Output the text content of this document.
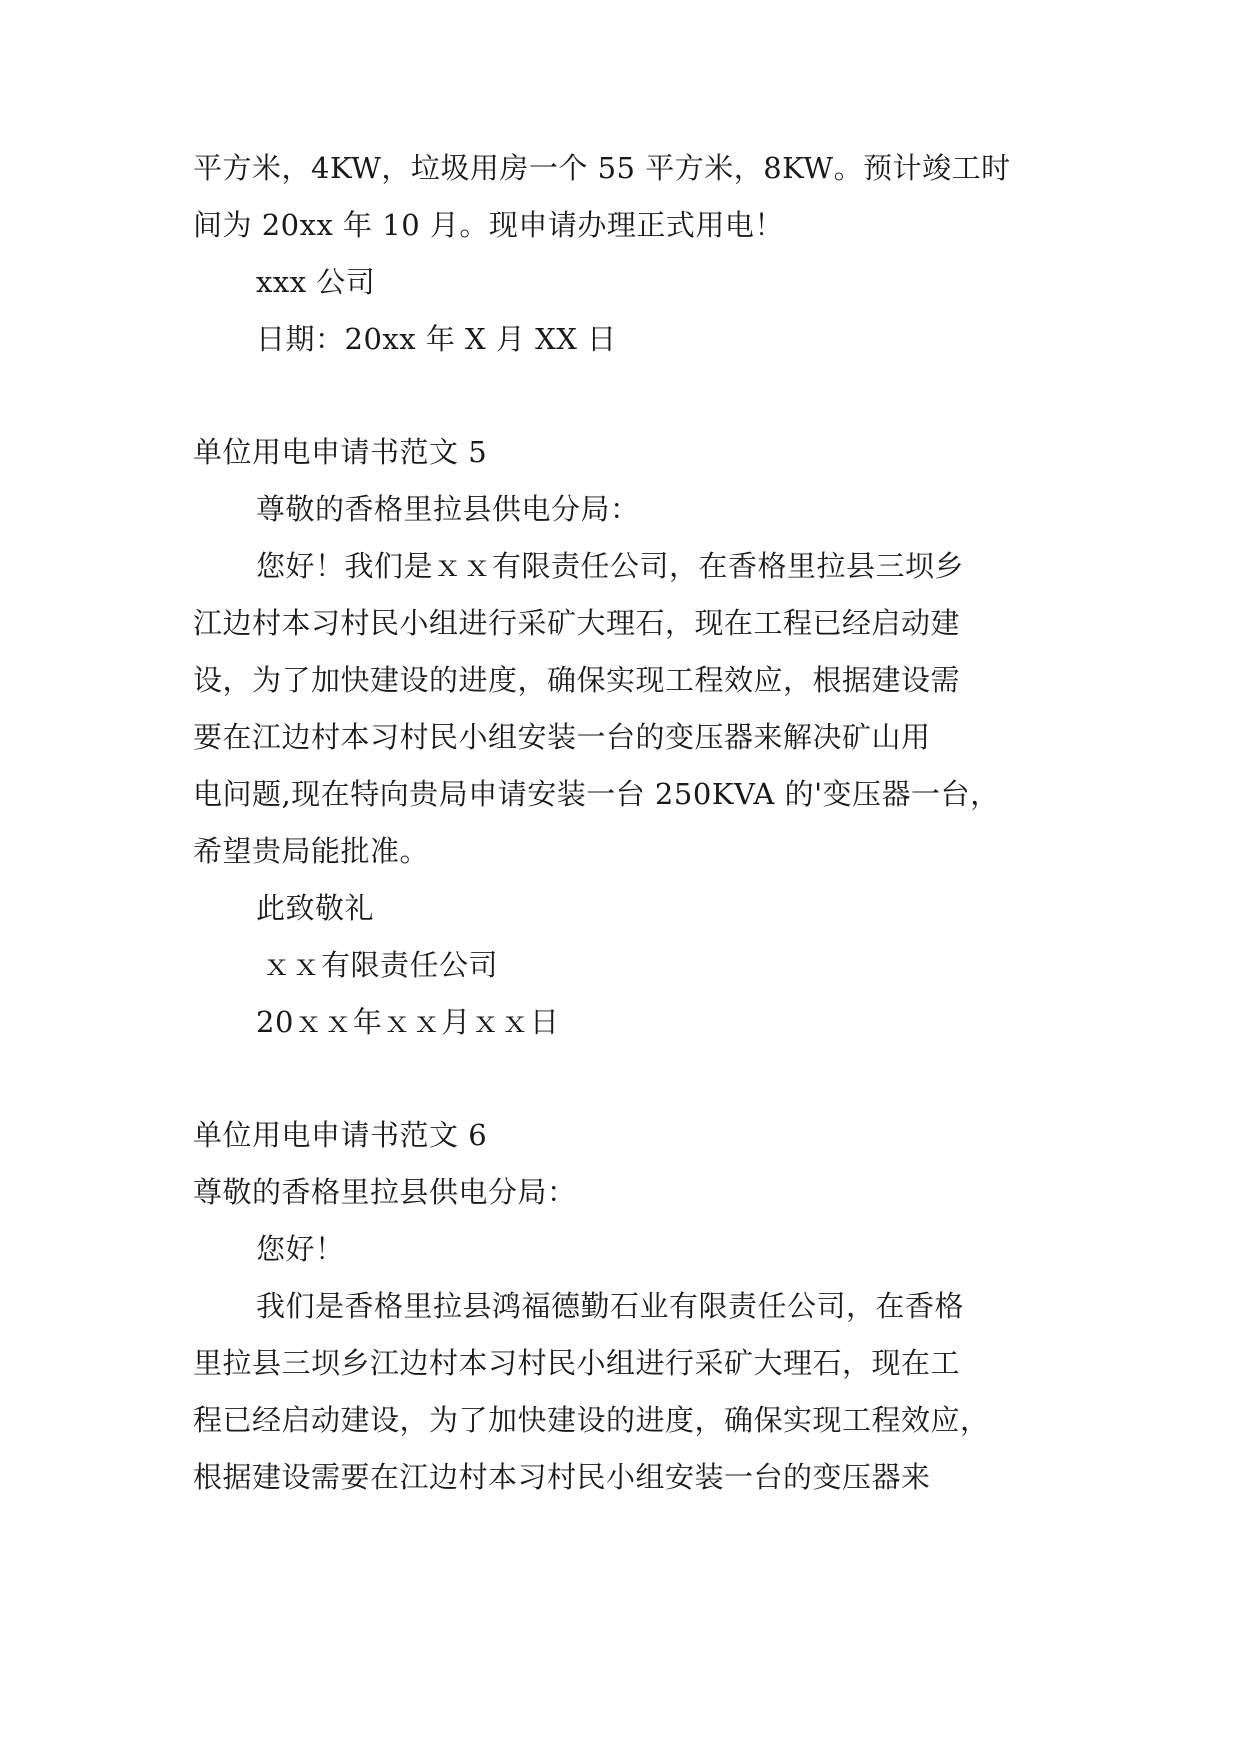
平方米，4KW，垃圾用房一个 55 平方米，8KW。预计竣工时
间为 20xx 年 10 月。现申请办理正式用电！
xxx 公司
日期：20xx 年 X 月 XX 日
单位用电申请书范文 5
尊敬的香格里拉县供电分局：
您好！我们是ｘｘ有限责任公司，在香格里拉县三坝乡
江边村本习村民小组进行采矿大理石，现在工程已经启动建
设，为了加快建设的进度，确保实现工程效应，根据建设需
要在江边村本习村民小组安装一台的变压器来解决矿山用
电问题,现在特向贵局申请安装一台 250KVA 的'变压器一台，
希望贵局能批准。
此致敬礼
ｘｘ有限责任公司
20ｘｘ年ｘｘ月ｘｘ日
单位用电申请书范文 6
尊敬的香格里拉县供电分局：
您好！
我们是香格里拉县鸿福德勤石业有限责任公司，在香格
里拉县三坝乡江边村本习村民小组进行采矿大理石，现在工
程已经启动建设，为了加快建设的进度，确保实现工程效应，
根据建设需要在江边村本习村民小组安装一台的变压器来
